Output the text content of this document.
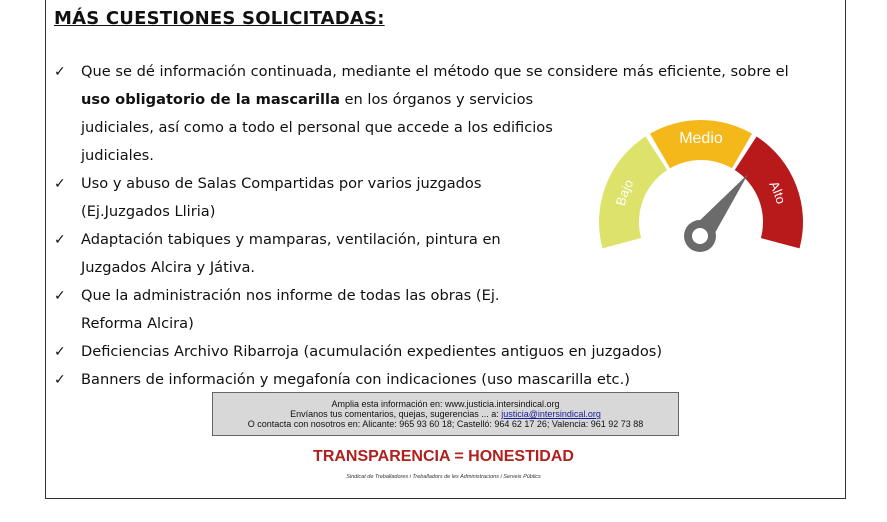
MÁS CUESTIONES SOLICITADAS:
✓ Que se dé información continuada, mediante el método que se considere más eficiente, sobre el
uso obligatorio de la mascarilla en los órganos y servicios
judiciales, así como a todo el personal que accede a los edificios
judiciales.
✓ Uso y abuso de Salas Compartidas por varios juzgados
(Ej.Juzgados Lliria)
✓ Adaptación tabiques y mamparas, ventilación, pintura en
Juzgados Alcira y Játiva.
✓ Que la administración nos informe de todas las obras (Ej.
Reforma Alcira)
✓ Deficiencias Archivo Ribarroja (acumulación expedientes antiguos en juzgados)
✓ Banners de información y megafonía con indicaciones (uso mascarilla etc.)
Bajo
Medio
Alto
Amplia esta información en: www.justicia.intersindical.org
Envíanos tus comentarios, quejas, sugerencias ... a: justicia@intersindical.org
O contacta con nosotros en: Alicante: 965 93 60 18; Castelló: 964 62 17 26; Valencia: 961 92 73 88
TRANSPARENCIA = HONESTIDAD
Sindicat de Treballadores i Treballadors de les Administracions i Serveis Públics
